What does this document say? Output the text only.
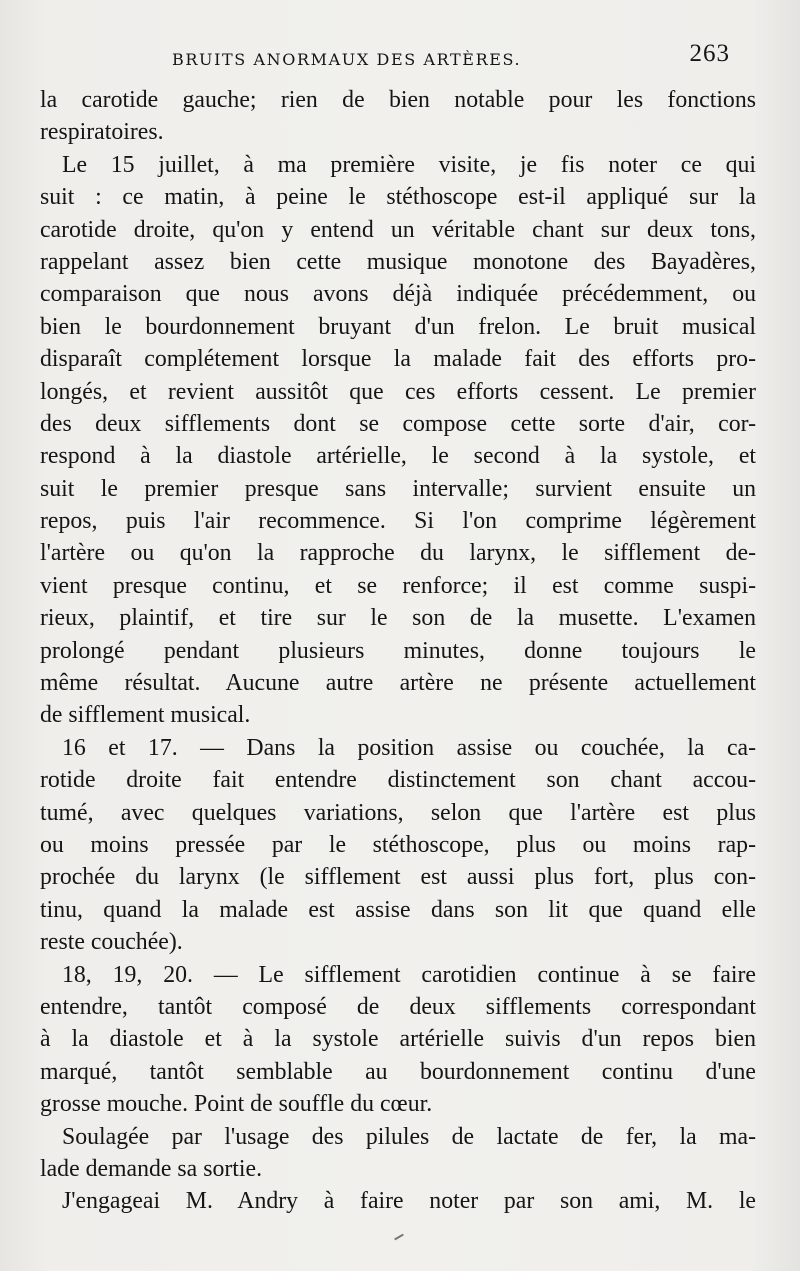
BRUITS ANORMAUX DES ARTÈRES.	263
la carotide gauche; rien de bien notable pour les fonctions
respiratoires.
Le 15 juillet, à ma première visite, je fis noter ce qui
suit : ce matin, à peine le stéthoscope est-il appliqué sur la
carotide droite, qu'on y entend un véritable chant sur deux tons,
rappelant assez bien cette musique monotone des Bayadères,
comparaison que nous avons déjà indiquée précédemment, ou
bien le bourdonnement bruyant d'un frelon. Le bruit musical
disparaît complétement lorsque la malade fait des efforts pro-
longés, et revient aussitôt que ces efforts cessent. Le premier
des deux sifflements dont se compose cette sorte d'air, cor-
respond à la diastole artérielle, le second à la systole, et
suit le premier presque sans intervalle; survient ensuite un
repos, puis l'air recommence. Si l'on comprime légèrement
l'artère ou qu'on la rapproche du larynx, le sifflement de-
vient presque continu, et se renforce; il est comme suspi-
rieux, plaintif, et tire sur le son de la musette. L'examen
prolongé pendant plusieurs minutes, donne toujours le
même résultat. Aucune autre artère ne présente actuellement
de sifflement musical.
16 et 17. — Dans la position assise ou couchée, la ca-
rotide droite fait entendre distinctement son chant accou-
tumé, avec quelques variations, selon que l'artère est plus
ou moins pressée par le stéthoscope, plus ou moins rap-
prochée du larynx (le sifflement est aussi plus fort, plus con-
tinu, quand la malade est assise dans son lit que quand elle
reste couchée).
18, 19, 20. — Le sifflement carotidien continue à se faire
entendre, tantôt composé de deux sifflements correspondant
à la diastole et à la systole artérielle suivis d'un repos bien
marqué, tantôt semblable au bourdonnement continu d'une
grosse mouche. Point de souffle du cœur.
Soulagée par l'usage des pilules de lactate de fer, la ma-
lade demande sa sortie.
J'engageai M. Andry à faire noter par son ami, M. le
